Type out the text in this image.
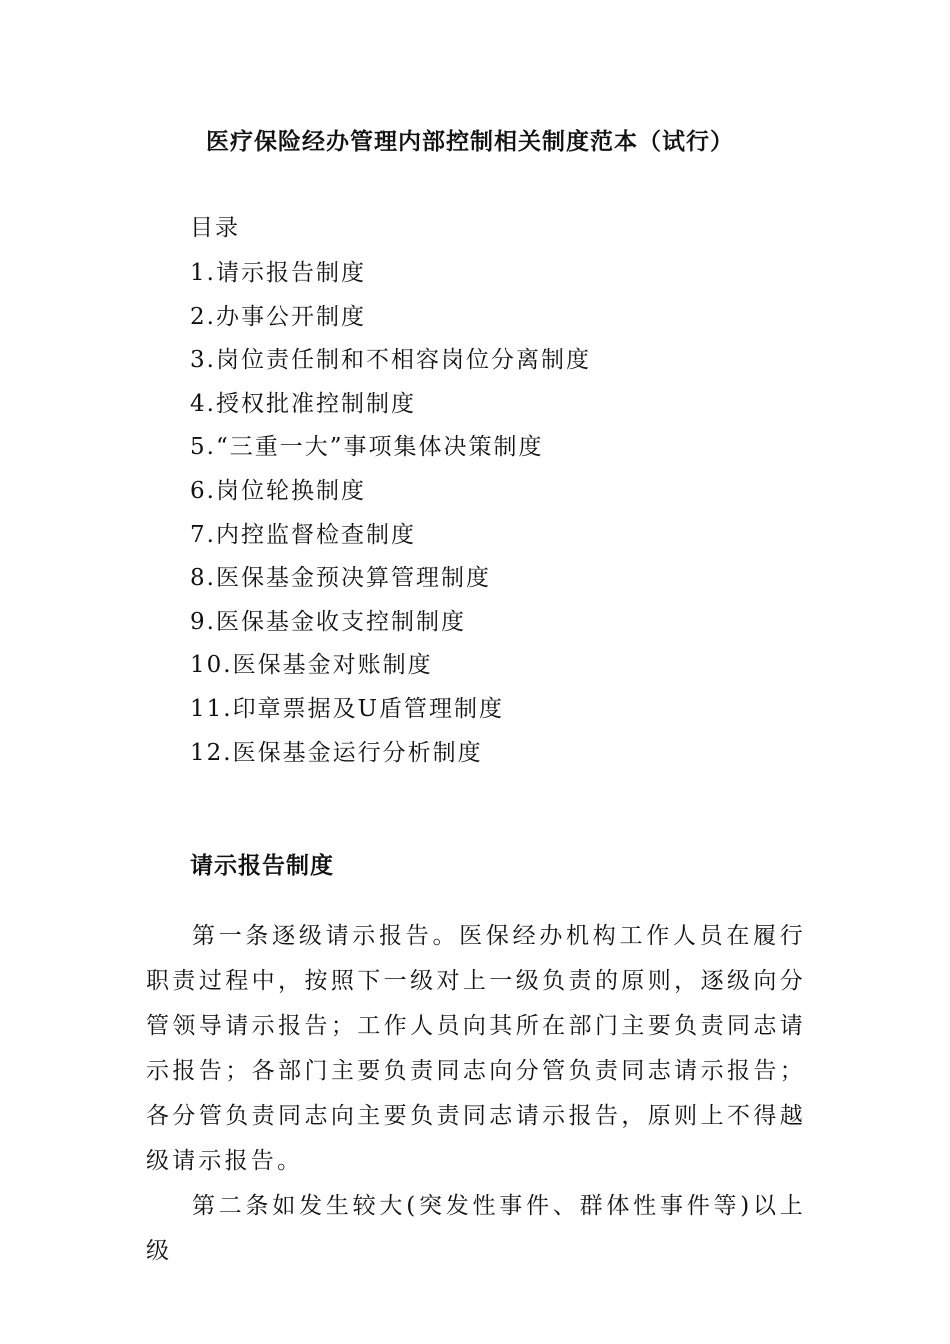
医疗保险经办管理内部控制相关制度范本（试行）
目录
1.请示报告制度
2.办事公开制度
3.岗位责任制和不相容岗位分离制度
4.授权批准控制制度
5.“三重一大”事项集体决策制度
6.岗位轮换制度
7.内控监督检查制度
8.医保基金预决算管理制度
9.医保基金收支控制制度
10.医保基金对账制度
11.印章票据及U盾管理制度
12.医保基金运行分析制度
请示报告制度

第一条逐级请示报告。医保经办机构工作人员在履行职责过程中，按照下一级对上一级负责的原则，逐级向分管领导请示报告；工作人员向其所在部门主要负责同志请示报告；各部门主要负责同志向分管负责同志请示报告；各分管负责同志向主要负责同志请示报告，原则上不得越级请示报告。

第二条如发生较大(突发性事件、群体性事件等)以上级
